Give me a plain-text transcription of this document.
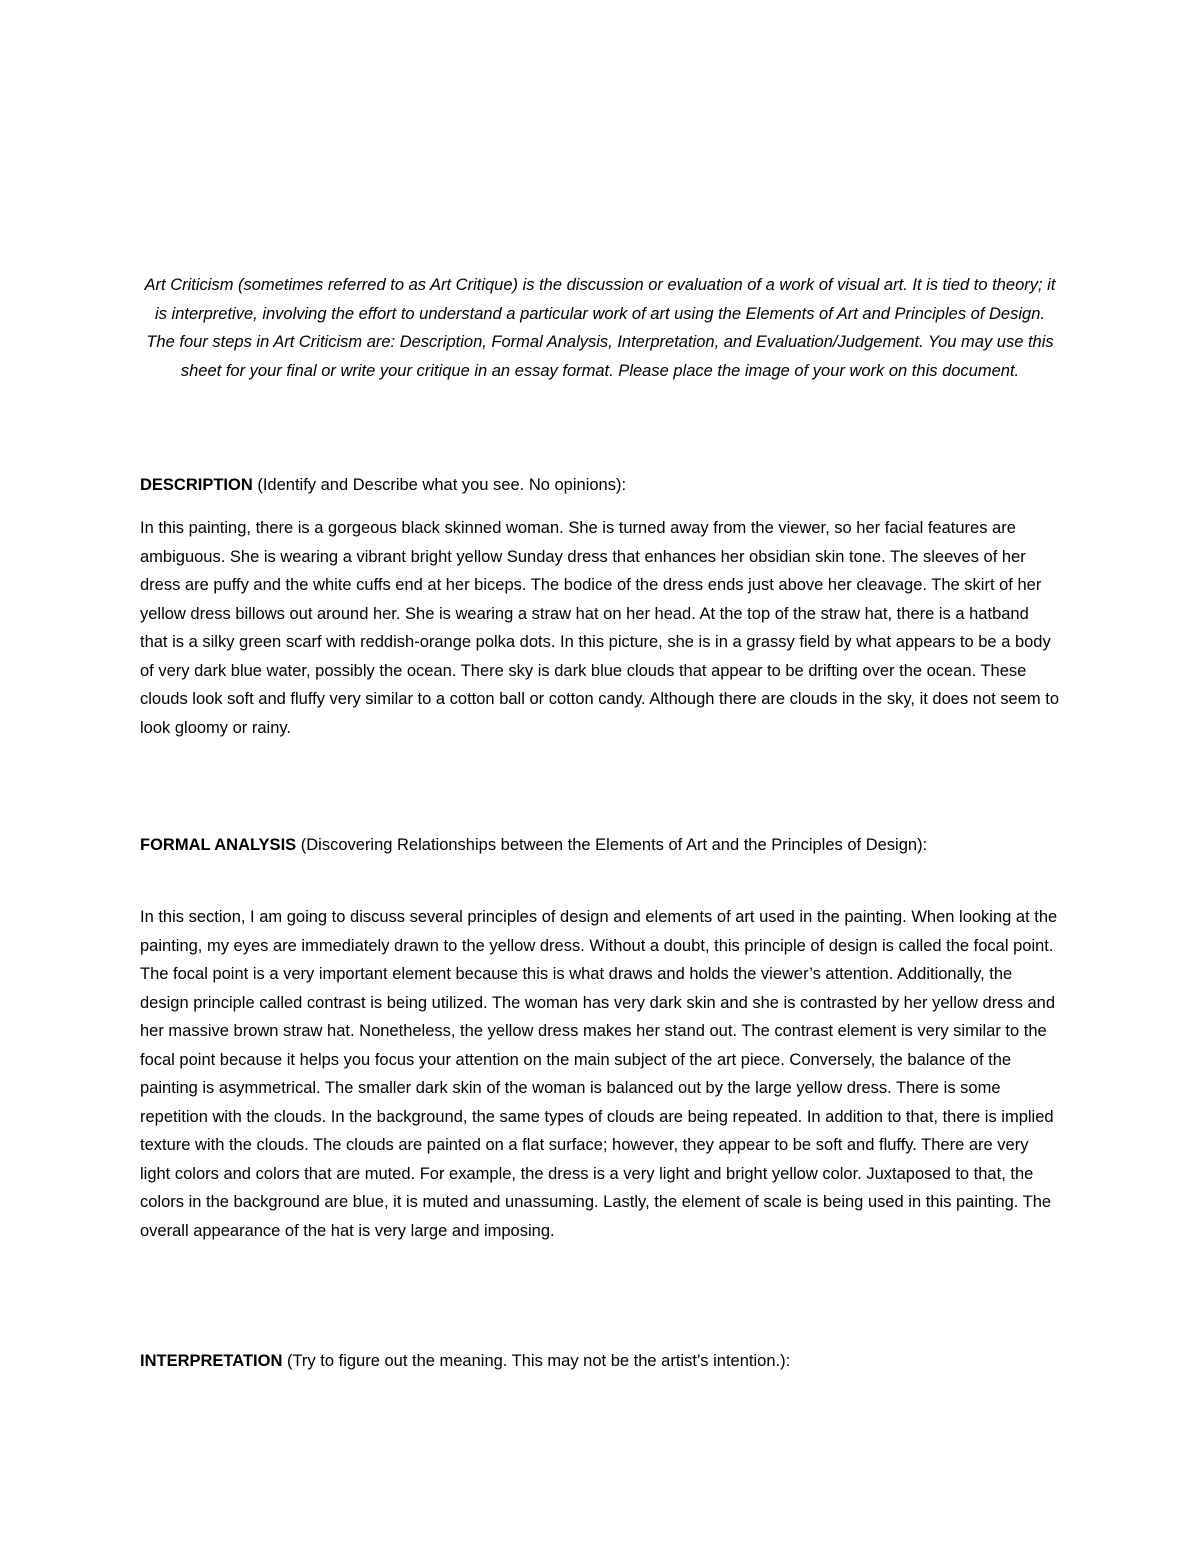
Art Criticism (sometimes referred to as Art Critique) is the discussion or evaluation of a work of visual art. It is tied to theory; it is interpretive, involving the effort to understand a particular work of art using the Elements of Art and Principles of Design. The four steps in Art Criticism are: Description, Formal Analysis, Interpretation, and Evaluation/Judgement. You may use this sheet for your final or write your critique in an essay format. Please place the image of your work on this document.

DESCRIPTION (Identify and Describe what you see. No opinions):

In this painting, there is a gorgeous black skinned woman. She is turned away from the viewer, so her facial features are ambiguous. She is wearing a vibrant bright yellow Sunday dress that enhances her obsidian skin tone. The sleeves of her dress are puffy and the white cuffs end at her biceps. The bodice of the dress ends just above her cleavage. The skirt of her yellow dress billows out around her. She is wearing a straw hat on her head. At the top of the straw hat, there is a hatband that is a silky green scarf with reddish-orange polka dots. In this picture, she is in a grassy field by what appears to be a body of very dark blue water, possibly the ocean. There sky is dark blue clouds that appear to be drifting over the ocean. These clouds look soft and fluffy very similar to a cotton ball or cotton candy. Although there are clouds in the sky, it does not seem to look gloomy or rainy.

FORMAL ANALYSIS (Discovering Relationships between the Elements of Art and the Principles of Design):

In this section, I am going to discuss several principles of design and elements of art used in the painting. When looking at the painting, my eyes are immediately drawn to the yellow dress. Without a doubt, this principle of design is called the focal point. The focal point is a very important element because this is what draws and holds the viewer’s attention. Additionally, the design principle called contrast is being utilized. The woman has very dark skin and she is contrasted by her yellow dress and her massive brown straw hat. Nonetheless, the yellow dress makes her stand out. The contrast element is very similar to the focal point because it helps you focus your attention on the main subject of the art piece. Conversely, the balance of the painting is asymmetrical. The smaller dark skin of the woman is balanced out by the large yellow dress. There is some repetition with the clouds. In the background, the same types of clouds are being repeated. In addition to that, there is implied texture with the clouds. The clouds are painted on a flat surface; however, they appear to be soft and fluffy. There are very light colors and colors that are muted. For example, the dress is a very light and bright yellow color. Juxtaposed to that, the colors in the background are blue, it is muted and unassuming. Lastly, the element of scale is being used in this painting. The overall appearance of the hat is very large and imposing.

INTERPRETATION (Try to figure out the meaning. This may not be the artist’s intention.):
